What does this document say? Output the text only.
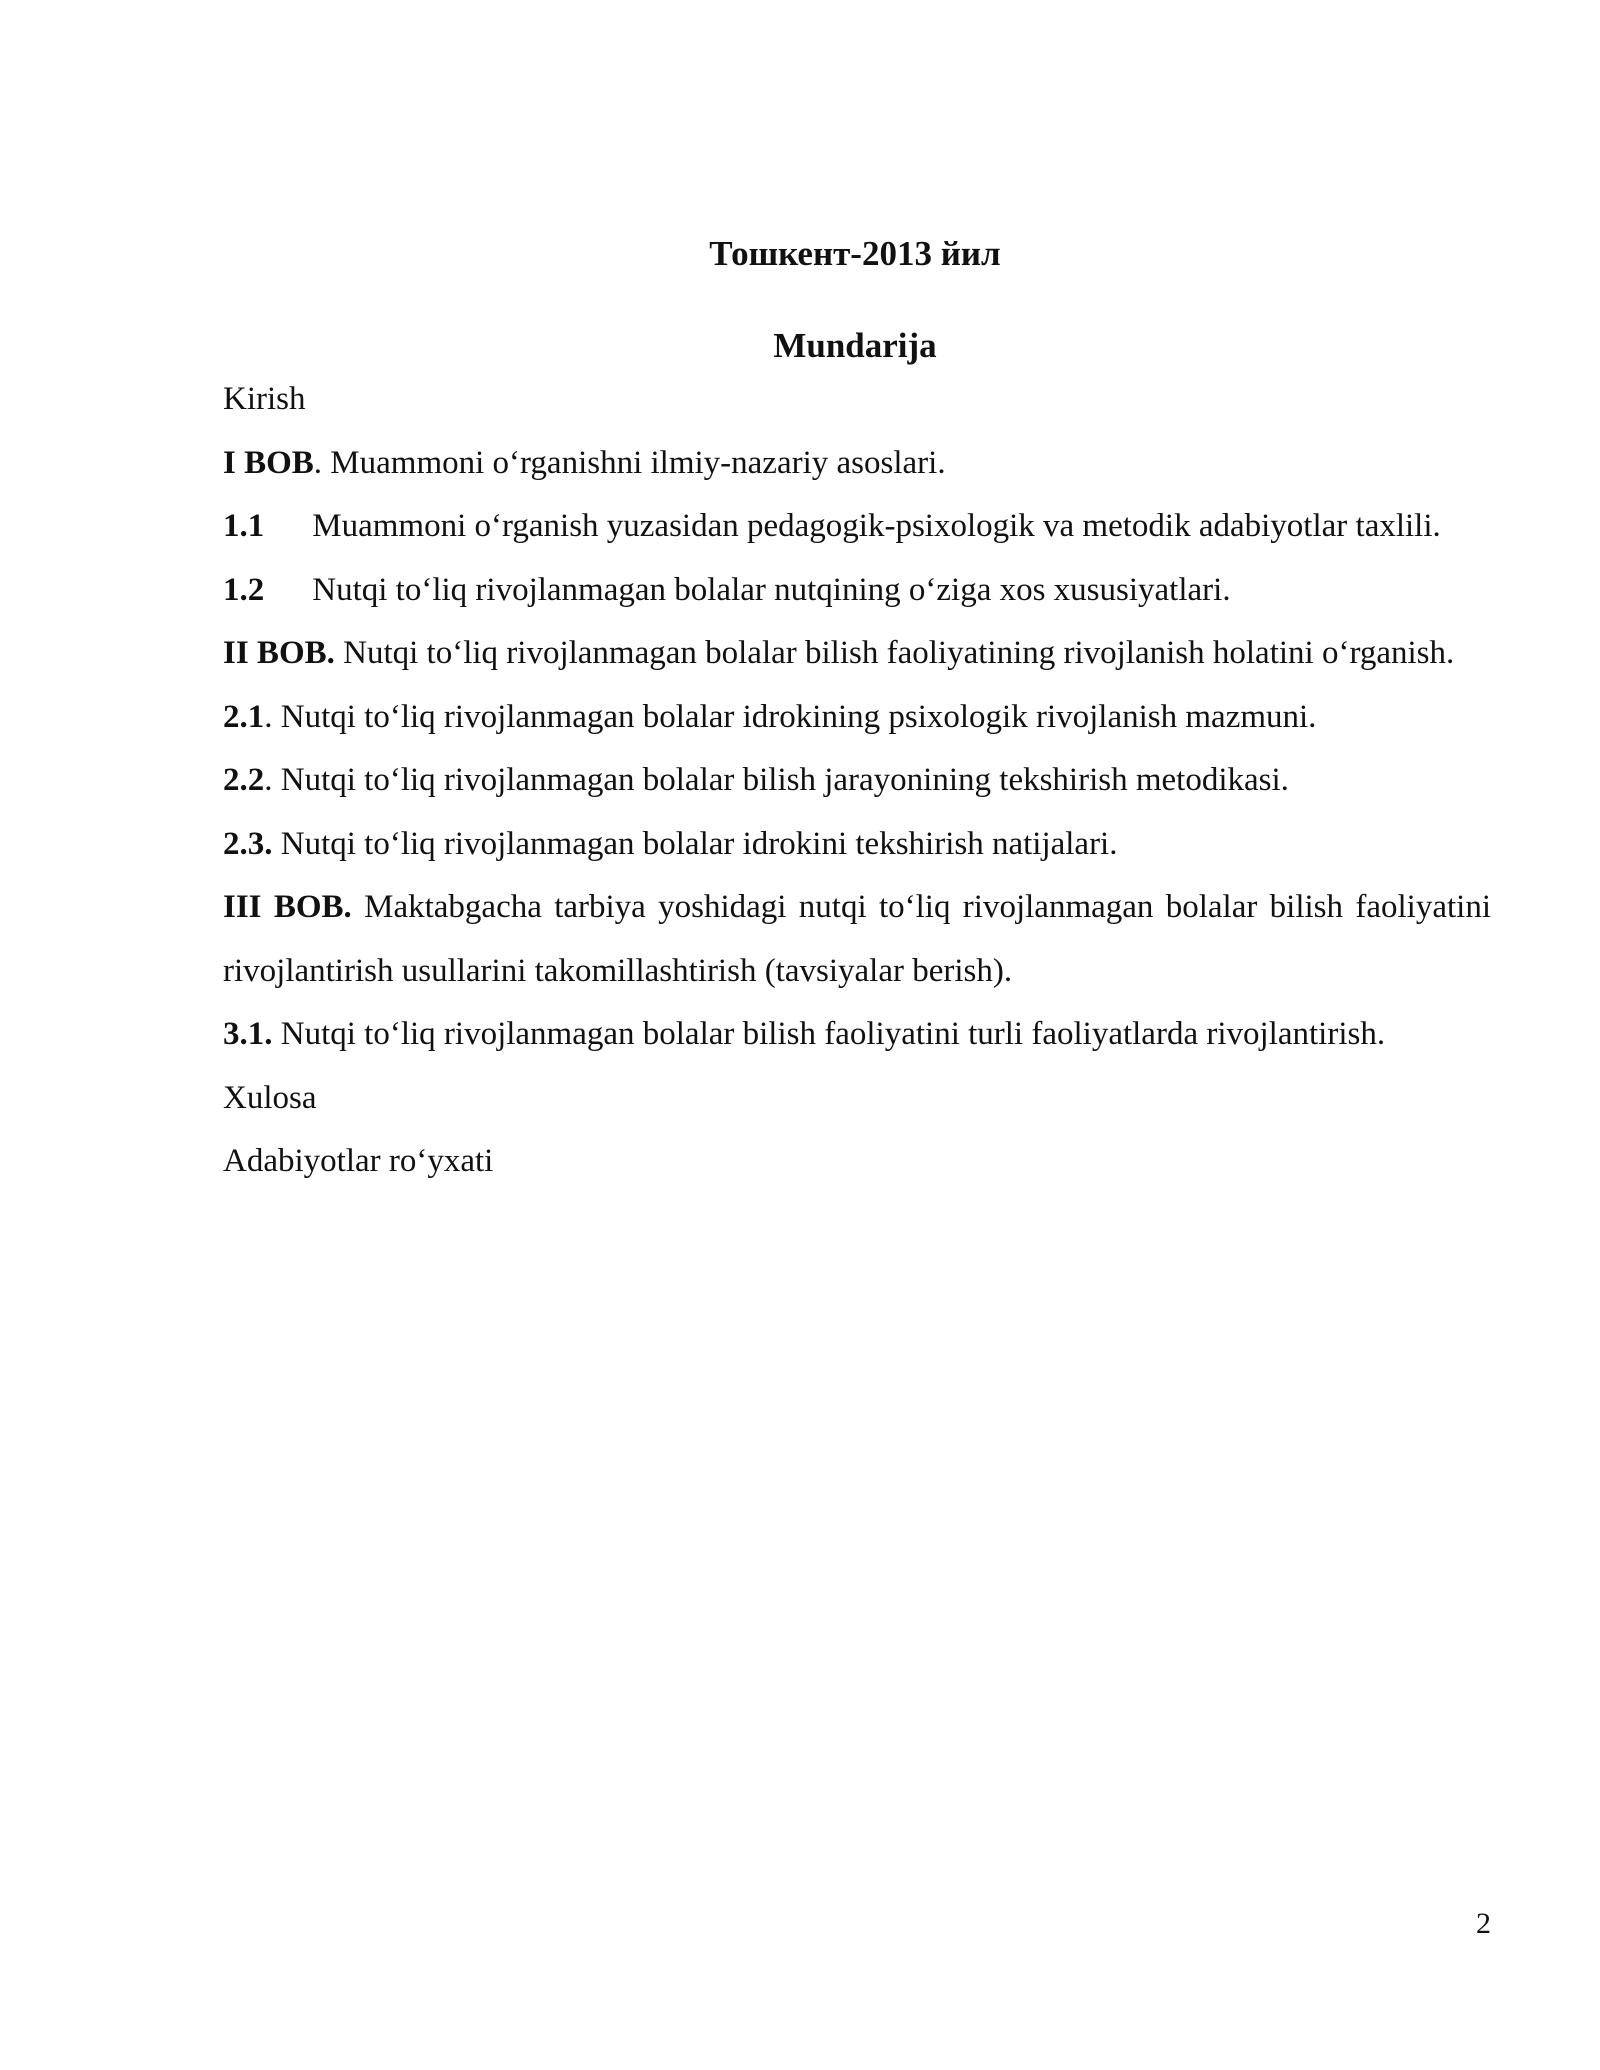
Тошкент-2013 йил
Mundarija

Kirish

I BOB. Muammoni o‘rganishni ilmiy-nazariy asoslari.

1.1 Muammoni o‘rganish yuzasidan pedagogik-psixologik va metodik adabiyotlar taxlili.

1.2 Nutqi to‘liq rivojlanmagan bolalar nutqining o‘ziga xos xususiyatlari.

II BOB. Nutqi to‘liq rivojlanmagan bolalar bilish faoliyatining rivojlanish holatini o‘rganish.

2.1. Nutqi to‘liq rivojlanmagan bolalar idrokining psixologik rivojlanish mazmuni.

2.2. Nutqi to‘liq rivojlanmagan bolalar bilish jarayonining tekshirish metodikasi.

2.3. Nutqi to‘liq rivojlanmagan bolalar idrokini tekshirish natijalari.

III BOB. Maktabgacha tarbiya yoshidagi nutqi to‘liq rivojlanmagan bolalar bilish faoliyatini rivojlantirish usullarini takomillashtirish (tavsiyalar berish).

3.1. Nutqi to‘liq rivojlanmagan bolalar bilish faoliyatini turli faoliyatlarda rivojlantirish.

Xulosa

Adabiyotlar ro‘yxati

2
